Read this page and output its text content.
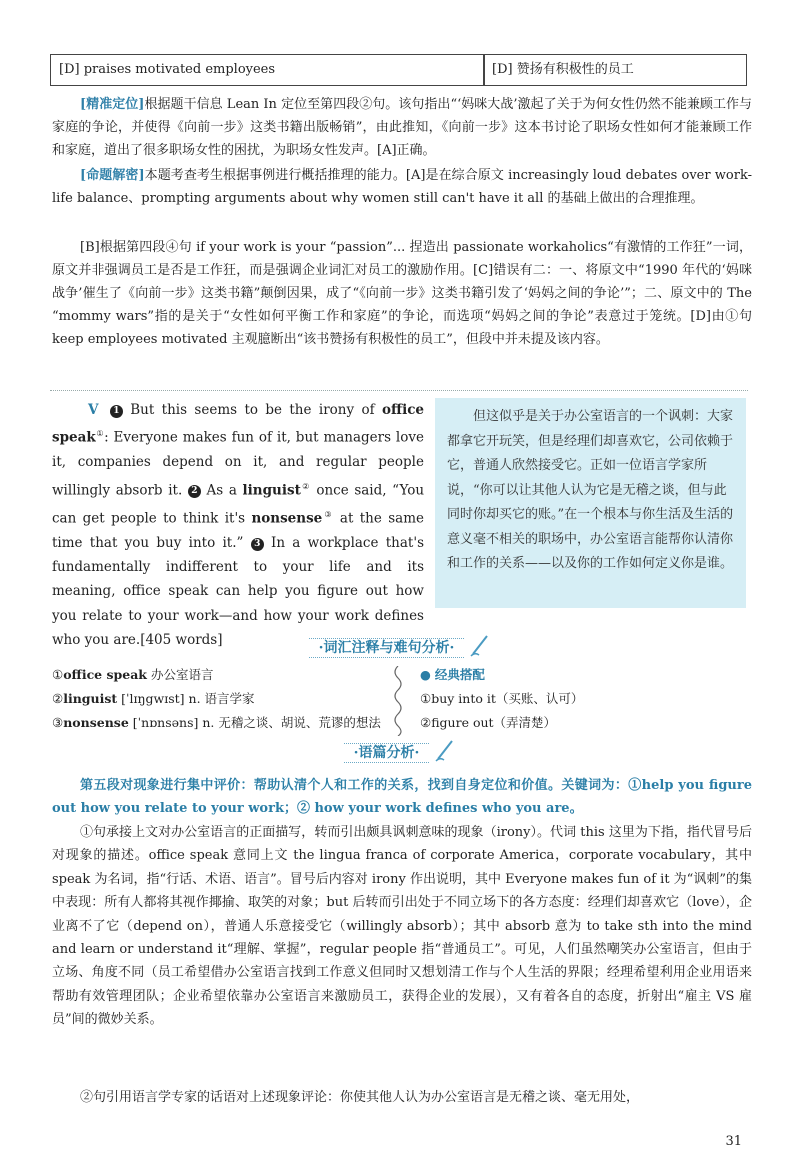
[D] praises motivated employees	[D] 赞扬有积极性的员工
[精准定位]根据题干信息 Lean In 定位至第四段②句。该句指出“‘妈咪大战’激起了关于为何女性仍然不能兼顾工作与家庭的争论，并使得《向前一步》这类书籍出版畅销”，由此推知，《向前一步》这本书讨论了职场女性如何才能兼顾工作和家庭，道出了很多职场女性的困扰，为职场女性发声。[A]正确。
[命题解密]本题考查考生根据事例进行概括推理的能力。[A]是在综合原文 increasingly loud debates over work-life balance、prompting arguments about why women still can't have it all 的基础上做出的合理推理。
[B]根据第四段④句 if your work is your “passion”... 捏造出 passionate workaholics“有激情的工作狂”一词，原文并非强调员工是否是工作狂，而是强调企业词汇对员工的激励作用。[C]错误有二：一、将原文中“1990 年代的‘妈咪战争’催生了《向前一步》这类书籍”颠倒因果，成了“《向前一步》这类书籍引发了‘妈妈之间的争论’”；二、原文中的 The “mommy wars”指的是关于“女性如何平衡工作和家庭”的争论，而选项“妈妈之间的争论”表意过于笼统。[D]由①句 keep employees motivated 主观臆断出“该书赞扬有积极性的员工”，但段中并未提及该内容。
V 1 But this seems to be the irony of office speak①: Everyone makes fun of it, but managers love it, companies depend on it, and regular people willingly absorb it. 2 As a linguist② once said, “You can get people to think it's nonsense③ at the same time that you buy into it.” 3 In a workplace that's fundamentally indifferent to your life and its meaning, office speak can help you figure out how you relate to your work—and how your work defines who you are.[405 words]
但这似乎是关于办公室语言的一个讽刺：大家都拿它开玩笑，但是经理们却喜欢它，公司依赖于它，普通人欣然接受它。正如一位语言学家所说，“你可以让其他人认为它是无稽之谈，但与此同时你却买它的账。”在一个根本与你生活及生活的意义毫不相关的职场中，办公室语言能帮你认清你和工作的关系——以及你的工作如何定义你是谁。
·词汇注释与难句分析·
①office speak 办公室语言
②linguist [ˈlɪŋgwɪst] n. 语言学家
③nonsense [ˈnɒnsəns] n. 无稽之谈、胡说、荒谬的想法
● 经典搭配
①buy into it（买账、认可）
②figure out（弄清楚）
·语篇分析·
第五段对现象进行集中评价：帮助认清个人和工作的关系，找到自身定位和价值。关键词为：①help you figure out how you relate to your work；② how your work defines who you are。
①句承接上文对办公室语言的正面描写，转而引出颇具讽刺意味的现象（irony）。代词 this 这里为下指，指代冒号后对现象的描述。office speak 意同上文 the lingua franca of corporate America，corporate vocabulary，其中 speak 为名词，指“行话、术语、语言”。冒号后内容对 irony 作出说明，其中 Everyone makes fun of it 为“讽刺”的集中表现：所有人都将其视作揶揄、取笑的对象；but 后转而引出处于不同立场下的各方态度：经理们却喜欢它（love），企业离不了它（depend on），普通人乐意接受它（willingly absorb）；其中 absorb 意为 to take sth into the mind and learn or understand it“理解、掌握”，regular people 指“普通员工”。可见，人们虽然嘲笑办公室语言，但由于立场、角度不同（员工希望借办公室语言找到工作意义但同时又想划清工作与个人生活的界限；经理希望利用企业用语来帮助有效管理团队；企业希望依靠办公室语言来激励员工，获得企业的发展），又有着各自的态度，折射出“雇主 VS 雇员”间的微妙关系。
②句引用语言学专家的话语对上述现象评论：你使其他人认为办公室语言是无稽之谈、毫无用处，
31
